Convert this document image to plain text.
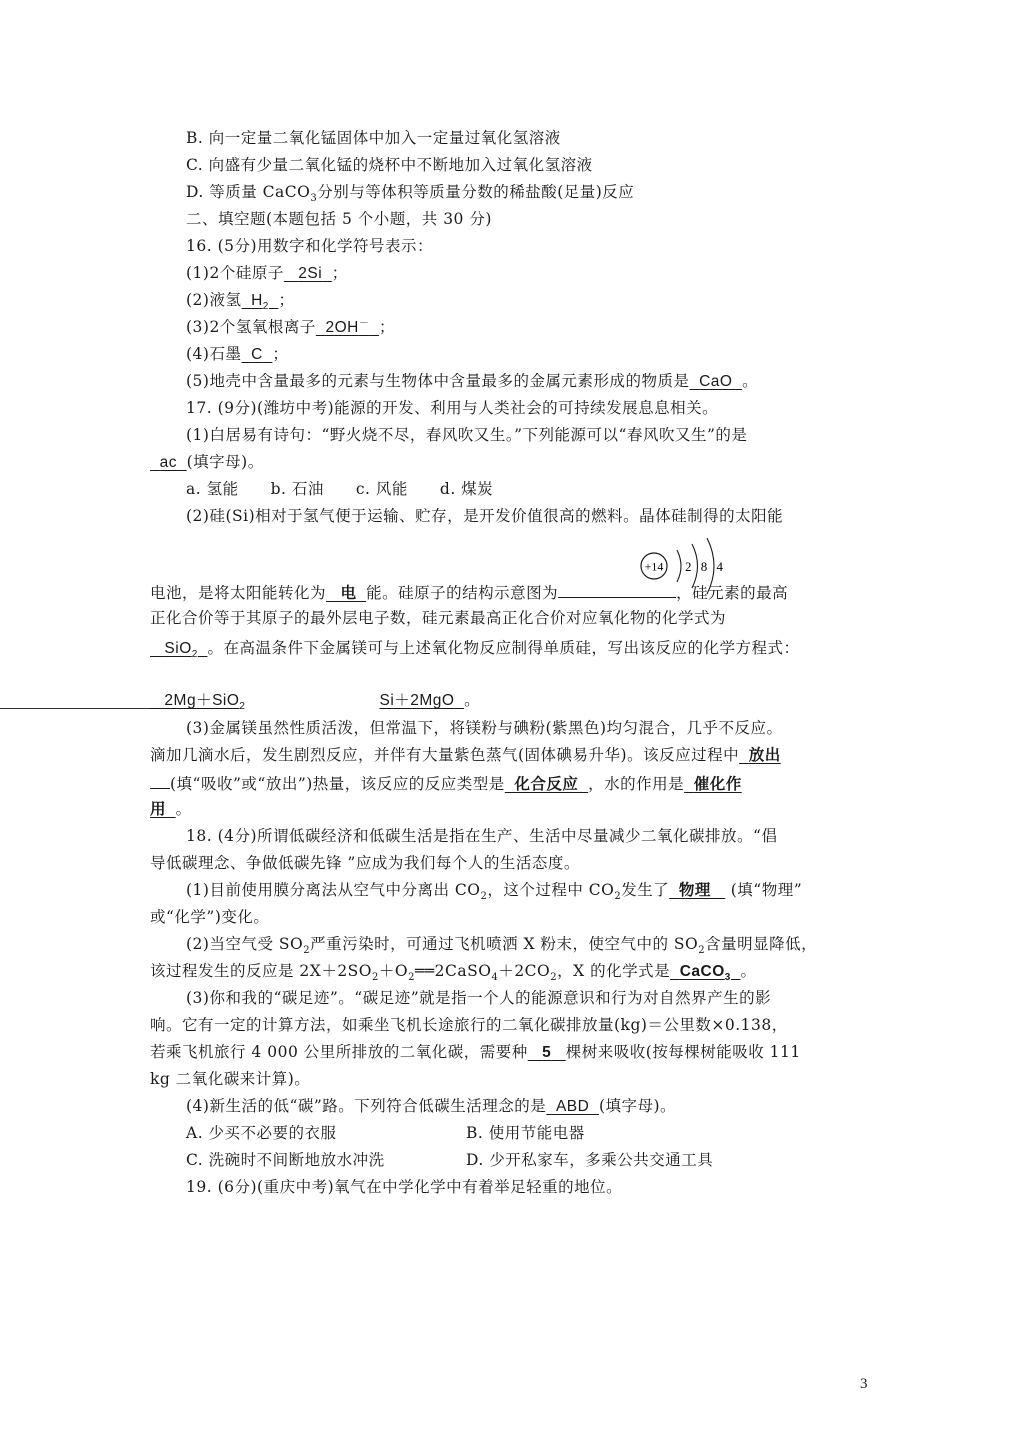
B. 向一定量二氧化锰固体中加入一定量过氧化氢溶液
C. 向盛有少量二氧化锰的烧杯中不断地加入过氧化氢溶液
D. 等质量 CaCO$_3$分别与等体积等质量分数的稀盐酸(足量)反应
二、填空题(本题包括 5 个小题，共 30 分)
16. (5分)用数字和化学符号表示：
(1)2个硅原子 2Si ；
(2)液氢 $H_2$ ；
(3)2个氢氧根离子 2OH－ ；
(4)石墨 C ；
(5)地壳中含量最多的元素与生物体中含量最多的金属元素形成的物质是 CaO 。
17. (9分)(潍坊中考)能源的开发、利用与人类社会的可持续发展息息相关。
(1)白居易有诗句：“野火烧不尽，春风吹又生。”下列能源可以“春风吹又生”的是
ac (填字母)。
a. 氢能　　b. 石油　　c. 风能　　d. 煤炭
(2)硅(Si)相对于氢气便于运输、贮存，是开发价值很高的燃料。晶体硅制得的太阳能
+14 2 8 4
电池，是将太阳能转化为 电 能。硅原子的结构示意图为	，硅元素的最高
正化合价等于其原子的最外层电子数，硅元素最高正化合价对应氧化物的化学式为
SiO$_2$ 。在高温条件下金属镁可与上述氧化物反应制得单质硅，写出该反应的化学方程式：
2Mg＋SiO$_2$	Si＋2MgO 。
(3)金属镁虽然性质活泼，但常温下，将镁粉与碘粉(紫黑色)均匀混合，几乎不反应。
滴加几滴水后，发生剧烈反应，并伴有大量紫色蒸气(固体碘易升华)。该反应过程中 放出
(填“吸收”或“放出”)热量，该反应的反应类型是 化合反应 ，水的作用是 催化作
用 。
18. (4分)所谓低碳经济和低碳生活是指在生产、生活中尽量减少二氧化碳排放。“倡
导低碳理念、争做低碳先锋 ”应成为我们每个人的生活态度。
(1)目前使用膜分离法从空气中分离出 $CO_2$，这个过程中 $CO_2$发生了 物理 (填“物理”
或“化学”)变化。
(2)当空气受 $SO_2$严重污染时，可通过飞机喷洒 X 粉末，使空气中的 $SO_2$含量明显降低，
该过程发生的反应是 $2X+2SO_2+O_2══2CaSO_4+2CO_2$，X 的化学式是 CaCO$_3$ 。
(3)你和我的“碳足迹”。“碳足迹”就是指一个人的能源意识和行为对自然界产生的影
响。它有一定的计算方法，如乘坐飞机长途旅行的二氧化碳排放量(kg)＝公里数×0.138，
若乘飞机旅行 4 000 公里所排放的二氧化碳，需要种 5 棵树来吸收(按每棵树能吸收 111
kg 二氧化碳来计算)。
(4)新生活的低“碳”路。下列符合低碳生活理念的是 ABD (填字母)。
A. 少买不必要的衣服	B. 使用节能电器
C. 洗碗时不间断地放水冲洗	D. 少开私家车，多乘公共交通工具
19. (6分)(重庆中考)氧气在中学化学中有着举足轻重的地位。
3
